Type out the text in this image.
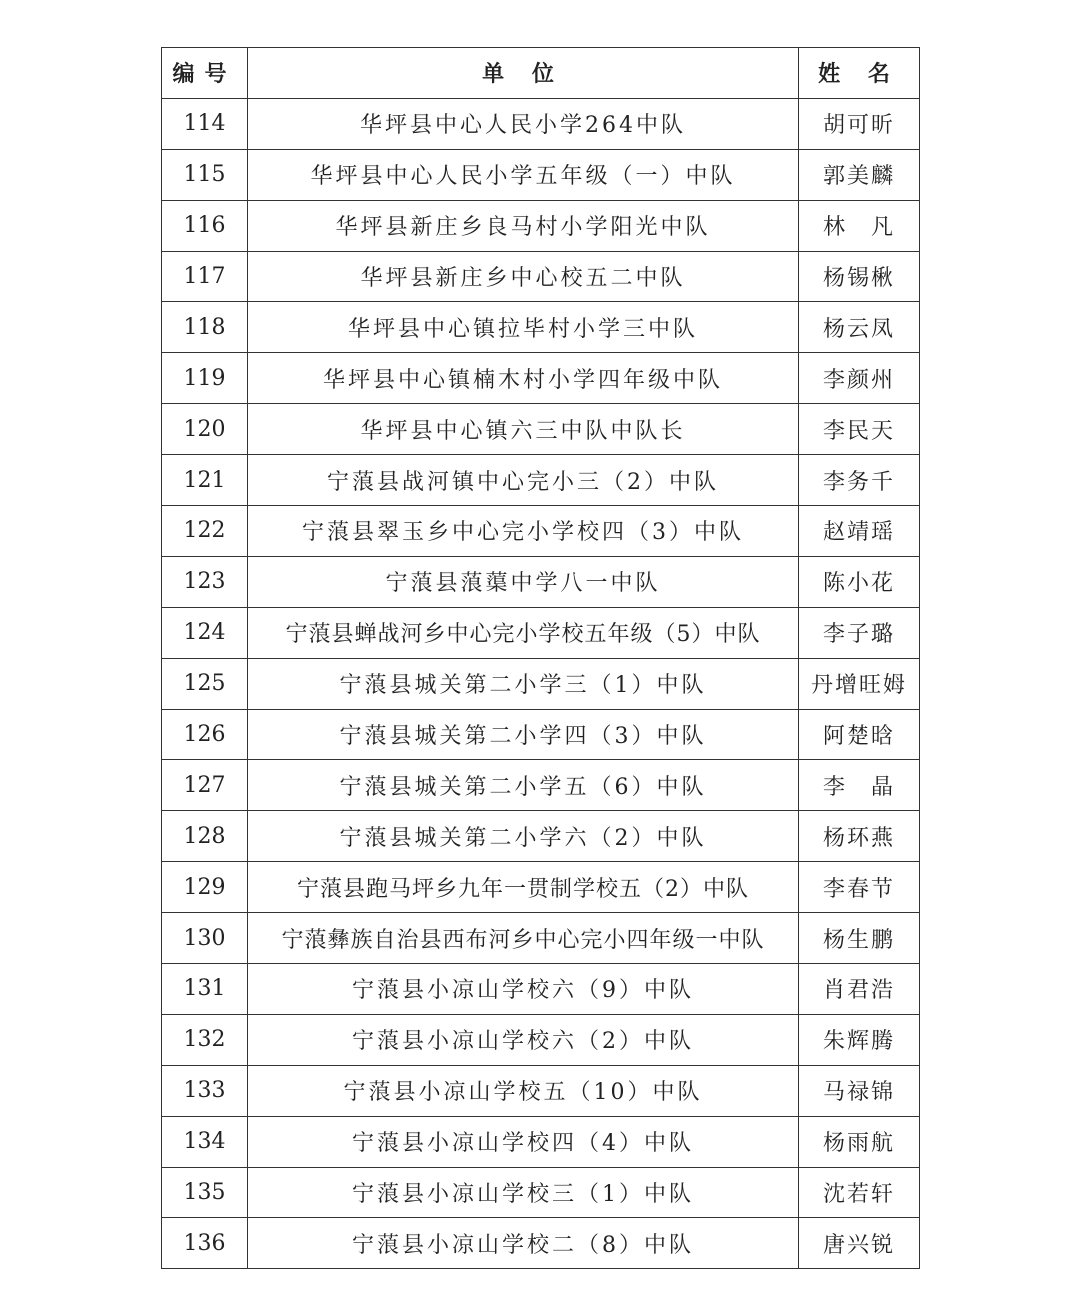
编号	单 位	姓 名
114	华坪县中心人民小学264中队	胡可昕
115	华坪县中心人民小学五年级（一）中队	郭美麟
116	华坪县新庄乡良马村小学阳光中队	林　凡
117	华坪县新庄乡中心校五二中队	杨锡楸
118	华坪县中心镇拉毕村小学三中队	杨云凤
119	华坪县中心镇楠木村小学四年级中队	李颜州
120	华坪县中心镇六三中队中队长	李民天
121	宁蒗县战河镇中心完小三（2）中队	李务千
122	宁蒗县翠玉乡中心完小学校四（3）中队	赵靖瑶
123	宁蒗县蒗蕖中学八一中队	陈小花
124	宁蒗县蝉战河乡中心完小学校五年级（5）中队	李子璐
125	宁蒗县城关第二小学三（1）中队	丹增旺姆
126	宁蒗县城关第二小学四（3）中队	阿楚晗
127	宁蒗县城关第二小学五（6）中队	李　晶
128	宁蒗县城关第二小学六（2）中队	杨环燕
129	宁蒗县跑马坪乡九年一贯制学校五（2）中队	李春节
130	宁蒗彝族自治县西布河乡中心完小四年级一中队	杨生鹏
131	宁蒗县小凉山学校六（9）中队	肖君浩
132	宁蒗县小凉山学校六（2）中队	朱辉腾
133	宁蒗县小凉山学校五（10）中队	马禄锦
134	宁蒗县小凉山学校四（4）中队	杨雨航
135	宁蒗县小凉山学校三（1）中队	沈若轩
136	宁蒗县小凉山学校二（8）中队	唐兴锐
